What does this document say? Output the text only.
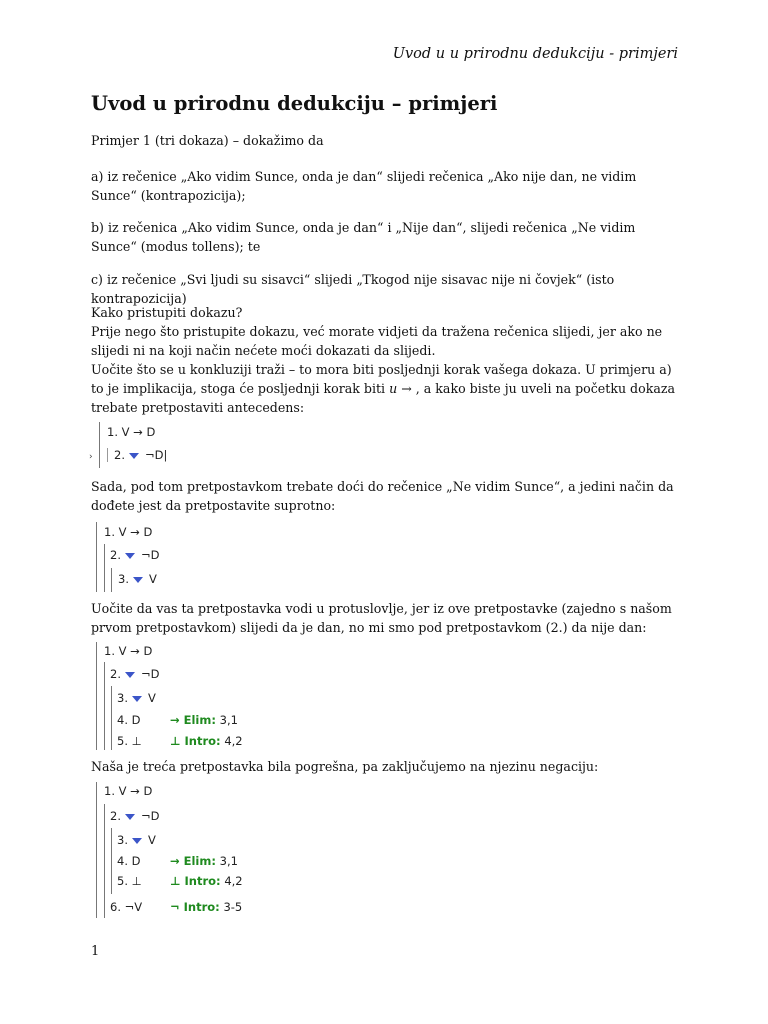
Uvod u u prirodnu dedukciju - primjeri
Uvod u prirodnu dedukciju – primjeri
Primjer 1 (tri dokaza) – dokažimo da
a) iz rečenice „Ako vidim Sunce, onda je dan“ slijedi rečenica „Ako nije dan, ne vidim Sunce“ (kontrapozicija);
b) iz rečenica „Ako vidim Sunce, onda je dan“ i „Nije dan“, slijedi rečenica „Ne vidim Sunce“ (modus tollens); te
c) iz rečenice „Svi ljudi su sisavci“ slijedi „Tkogod nije sisavac nije ni čovjek“ (isto kontrapozicija)
Kako pristupiti dokazu?
Prije nego što pristupite dokazu, već morate vidjeti da tražena rečenica slijedi, jer ako ne slijedi ni na koji način nećete moći dokazati da slijedi.
Uočite što se u konkluziji traži – to mora biti posljednji korak vašega dokaza. U primjeru a) to je implikacija, stoga će posljednji korak biti u → , a kako biste ju uveli na početku dokaza trebate pretpostaviti antecedens:
1. V → D
›	2. ¬D|
Sada, pod tom pretpostavkom trebate doći do rečenice „Ne vidim Sunce“, a jedini način da dođete jest da pretpostavite suprotno:
1. V → D
2. ¬D
3. V
Uočite da vas ta pretpostavka vodi u protuslovlje, jer iz ove pretpostavke (zajedno s našom prvom pretpostavkom) slijedi da je dan, no mi smo pod pretpostavkom (2.) da nije dan:
1. V → D
2. ¬D
3. V
4. D	→ Elim: 3,1
5. ⊥ ⊥ Intro: 4,2
Naša je treća pretpostavka bila pogrešna, pa zaključujemo na njezinu negaciju:
1. V → D
2. ¬D
3. V
4. D	→ Elim: 3,1
5. ⊥ ⊥ Intro: 4,2
6. ¬V ¬ Intro: 3-5
1
